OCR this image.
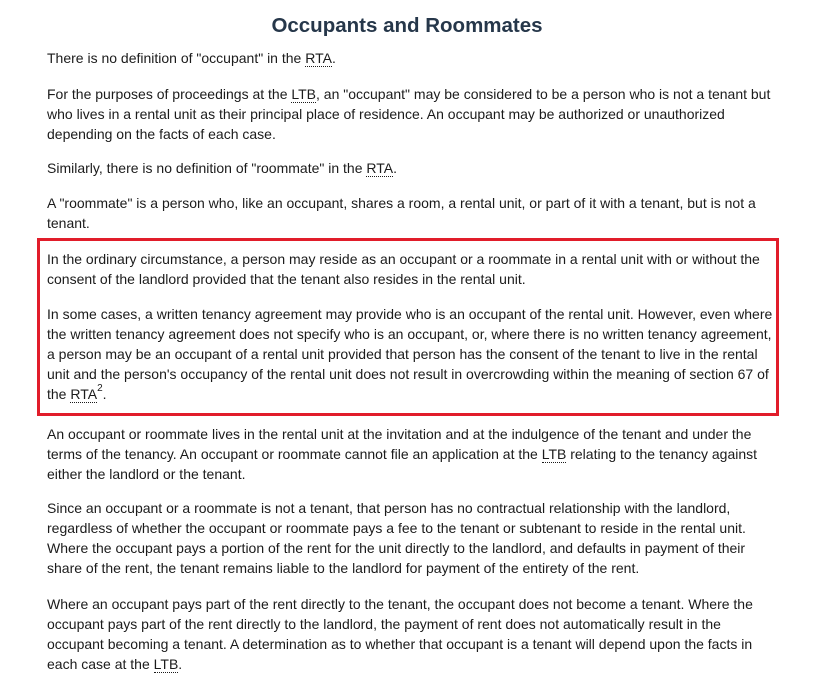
Occupants and Roommates

There is no definition of "occupant" in the RTA.

For the purposes of proceedings at the LTB, an "occupant" may be considered to be a person who is not a tenant but who lives in a rental unit as their principal place of residence. An occupant may be authorized or unauthorized depending on the facts of each case.

Similarly, there is no definition of "roommate" in the RTA.

A "roommate" is a person who, like an occupant, shares a room, a rental unit, or part of it with a tenant, but is not a tenant.

In the ordinary circumstance, a person may reside as an occupant or a roommate in a rental unit with or without the consent of the landlord provided that the tenant also resides in the rental unit.

In some cases, a written tenancy agreement may provide who is an occupant of the rental unit. However, even where the written tenancy agreement does not specify who is an occupant, or, where there is no written tenancy agreement, a person may be an occupant of a rental unit provided that person has the consent of the tenant to live in the rental unit and the person's occupancy of the rental unit does not result in overcrowding within the meaning of section 67 of the RTA$^2$.

An occupant or roommate lives in the rental unit at the invitation and at the indulgence of the tenant and under the terms of the tenancy. An occupant or roommate cannot file an application at the LTB relating to the tenancy against either the landlord or the tenant.

Since an occupant or a roommate is not a tenant, that person has no contractual relationship with the landlord, regardless of whether the occupant or roommate pays a fee to the tenant or subtenant to reside in the rental unit. Where the occupant pays a portion of the rent for the unit directly to the landlord, and defaults in payment of their share of the rent, the tenant remains liable to the landlord for payment of the entirety of the rent.

Where an occupant pays part of the rent directly to the tenant, the occupant does not become a tenant. Where the occupant pays part of the rent directly to the landlord, the payment of rent does not automatically result in the occupant becoming a tenant. A determination as to whether that occupant is a tenant will depend upon the facts in each case at the LTB.
